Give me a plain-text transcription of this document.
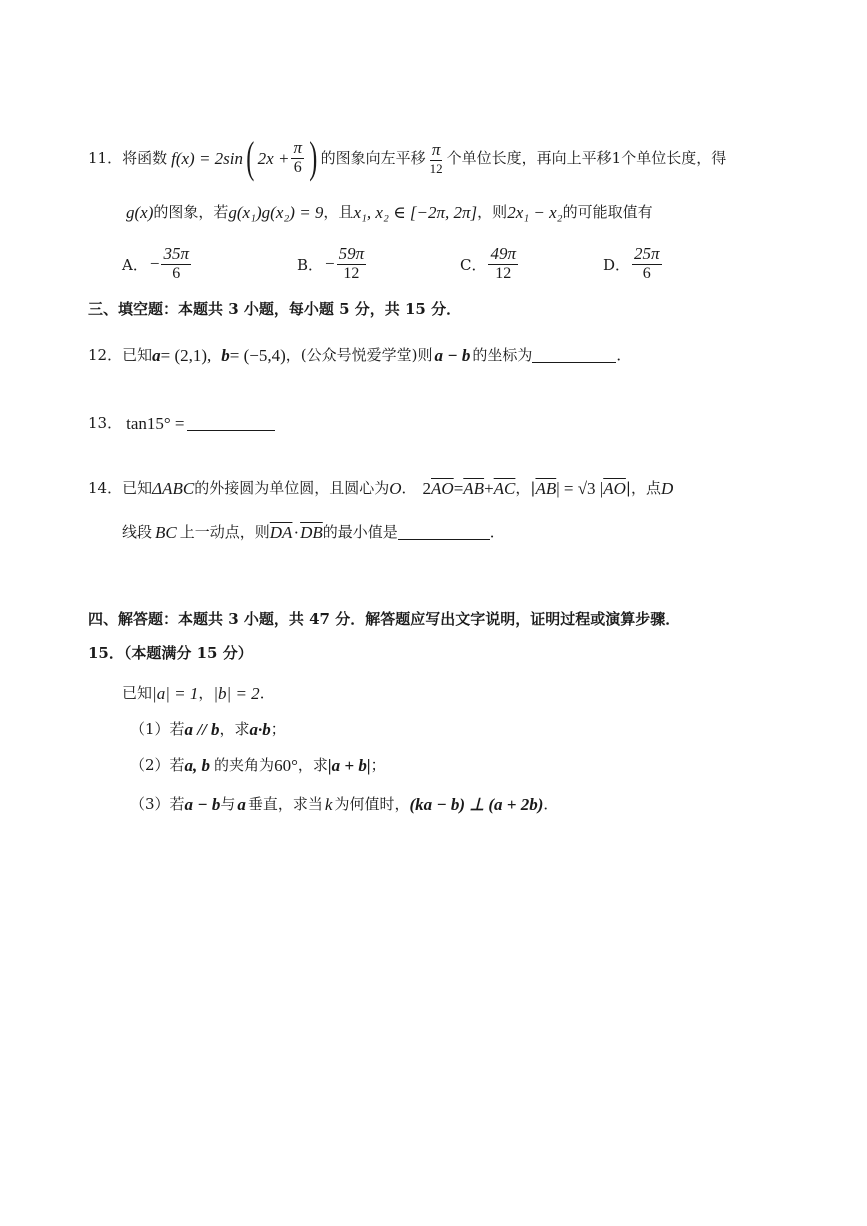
11． 将函数 f(x) = 2sin ( $2x + \frac{\pi}{6}$ ) 的图象向左平移 $\frac{\pi}{12}$ 个单位长度，再向上平移1个单位长度，得
g(x) 的图象，若 g(x₁)g(x₂) = 9 ，且 x₁, x₂ ∈ [−2π, 2π] ，则 2x₁ − x₂ 的可能取值有
A． − $\frac{35\pi}{6}$	B． − $\frac{59\pi}{12}$	C． $\frac{49\pi}{12}$	D． $\frac{25\pi}{6}$
三、填空题：本题共 3 小题，每小题 5 分，共 15 分．
12． 已知 a = (2,1), b = (−5,4) ，(公众号悦爱学堂) 则 a − b 的坐标为	．
13． tan15° =
14． 已知 ΔABC 的外接圆为单位圆，且圆心为 O ． 2 $\overline{AO} = \overline{AB} + \overline{AC}$ ，| $\overline{AB}$ | = √3 | $\overline{AO}$ |，点 D
线段 BC 上一动点，则 $\overline{DA} \cdot \overline{DB}$ 的最小值是	．
四、解答题：本题共 3 小题，共 47 分．解答题应写出文字说明，证明过程或演算步骤．
15．（本题满分 15 分）
已知 |a| = 1 ， |b| = 2 ．
（1）若 a // b ，求 a·b ；
（2）若 a, b 的夹角为 60° ，求 |a + b| ；
（3）若 a − b 与 a 垂直，求当 k 为何值时， (ka − b) ⊥ (a + 2b) ．
